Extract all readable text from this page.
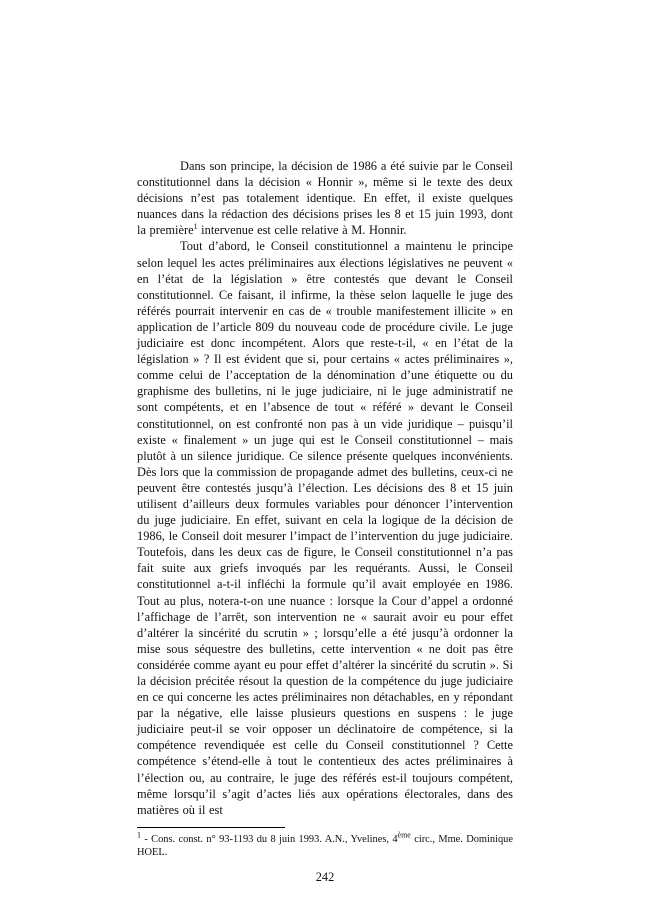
Dans son principe, la décision de 1986 a été suivie par le Conseil constitutionnel dans la décision « Honnir », même si le texte des deux décisions n’est pas totalement identique. En effet, il existe quelques nuances dans la rédaction des décisions prises les 8 et 15 juin 1993, dont la première$^1$ intervenue est celle relative à M. Honnir.

Tout d’abord, le Conseil constitutionnel a maintenu le principe selon lequel les actes préliminaires aux élections législatives ne peuvent « en l’état de la législation » être contestés que devant le Conseil constitutionnel. Ce faisant, il infirme, la thèse selon laquelle le juge des référés pourrait intervenir en cas de « trouble manifestement illicite » en application de l’article 809 du nouveau code de procédure civile. Le juge judiciaire est donc incompétent. Alors que reste-t-il, « en l’état de la législation » ? Il est évident que si, pour certains « actes préliminaires », comme celui de l’acceptation de la dénomination d’une étiquette ou du graphisme des bulletins, ni le juge judiciaire, ni le juge administratif ne sont compétents, et en l’absence de tout « référé » devant le Conseil constitutionnel, on est confronté non pas à un vide juridique – puisqu’il existe « finalement » un juge qui est le Conseil constitutionnel – mais plutôt à un silence juridique. Ce silence présente quelques inconvénients. Dès lors que la commission de propagande admet des bulletins, ceux-ci ne peuvent être contestés jusqu’à l’élection. Les décisions des 8 et 15 juin utilisent d’ailleurs deux formules variables pour dénoncer l’intervention du juge judiciaire. En effet, suivant en cela la logique de la décision de 1986, le Conseil doit mesurer l’impact de l’intervention du juge judiciaire. Toutefois, dans les deux cas de figure, le Conseil constitutionnel n’a pas fait suite aux griefs invoqués par les requérants. Aussi, le Conseil constitutionnel a-t-il infléchi la formule qu’il avait employée en 1986. Tout au plus, notera-t-on une nuance : lorsque la Cour d’appel a ordonné l’affichage de l’arrêt, son intervention ne « saurait avoir eu pour effet d’altérer la sincérité du scrutin » ; lorsqu’elle a été jusqu’à ordonner la mise sous séquestre des bulletins, cette intervention « ne doit pas être considérée comme ayant eu pour effet d’altérer la sincérité du scrutin ». Si la décision précitée résout la question de la compétence du juge judiciaire en ce qui concerne les actes préliminaires non détachables, en y répondant par la négative, elle laisse plusieurs questions en suspens : le juge judiciaire peut-il se voir opposer un déclinatoire de compétence, si la compétence revendiquée est celle du Conseil constitutionnel ? Cette compétence s’étend-elle à tout le contentieux des actes préliminaires à l’élection ou, au contraire, le juge des référés est-il toujours compétent, même lorsqu’il s’agit d’actes liés aux opérations électorales, dans des matières où il est

$^1$ - Cons. const. n° 93-1193 du 8 juin 1993. A.N., Yvelines, 4ème circ., Mme. Dominique HOEL.

242
